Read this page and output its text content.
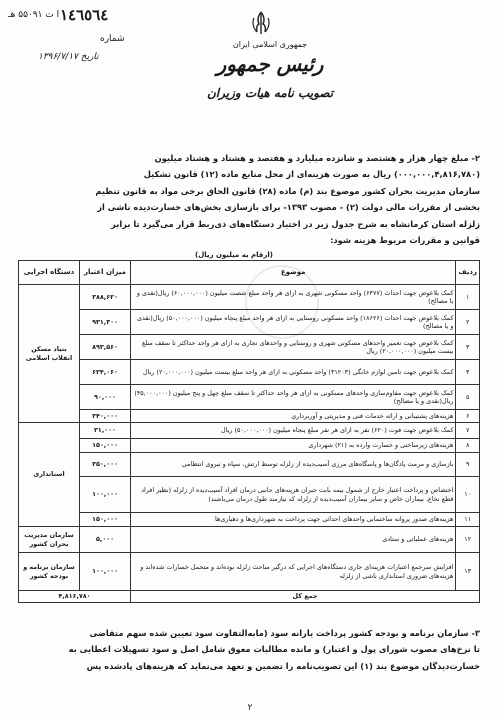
١٤٦٥٦٤
ا ت ۵۵۰۹۱ هـ
شماره
تاریخ ۱۳۹۶/۷/۱۷
جمهوری اسلامی ایران
رئیس جمهور
تصویب نامه هیات وزیران
۲- مبلغ چهار هزار و هشتصد و شانزده میلیارد و هفتصد و هشتاد و هشتاد میلیون
(۰۰۰,۰۰۰,۴,۸۱۶,۷۸۰) ریال به صورت هزینه‌ای از محل منابع ماده (۱۲) قانون تشکیل
سازمان مدیریت بحران کشور موضوع بند (م) ماده (۲۸) قانون الحاق برخی مواد به قانون تنظیم
بخشی از مقررات مالی دولت (۲) - مصوب ۱۳۹۳- برای بازسازی بخش‌های خسارت‌دیده ناشی از
زلزله استان کرمانشاه به شرح جدول زیر در اختیار دستگاه‌های ذی‌ربط قرار می‌گیرد تا برابر
قوانین و مقررات مربوط هزینه شود:
(ارقام به میلیون ریال)
ردیف	موضوع	میزان اعتبار	دستگاه اجرایی
۱	کمک بلاعوض جهت احداث (۶۴۷۷) واحد مسکونی شهری به ازای هر واحد مبلغ شصت میلیون (۶۰,۰۰۰,۰۰۰) ریال(نقدی و یا مصالح)	۳۸۸,۶۲۰	بنیاد مسکن انقلاب اسلامی
۲	کمک بلاعوض جهت احداث (۱۸۶۲۶) واحد مسکونی روستایی به ازای هر واحد مبلغ پنجاه میلیون (۵۰,۰۰۰,۰۰۰) ریال(نقدی و یا مصالح)	۹۳۱,۳۰۰	
۳	کمک بلاعوض جهت تعمیر واحدهای مسکونی شهری و روستایی و واحدهای تجاری به ازای هر واحد حداکثر تا سقف مبلغ بیست میلیون (۲۰,۰۰۰,۰۰۰) ریال	۸۹۳,۵۶۰	
۴	کمک بلاعوض جهت تامین لوازم خانگی (۳۱۲۰۳) واحد مسکونی به ازای هر واحد مبلغ بیست میلیون (۲۰,۰۰۰,۰۰۰) ریال	۶۲۴,۰۶۰	
۵	کمک بلاعوض جهت مقاوم‌سازی واحدهای مسکونی به ازای هر واحد حداکثر تا سقف مبلغ چهل و پنج میلیون (۴۵,۰۰۰,۰۰۰) ریال(نقدی و یا مصالح)	۹۰,۰۰۰	
۶	هزینه‌های پشتیبانی و ارائه خدمات فنی و مدیریتی و آوربرداری	۳۴۰,۰۰۰	
۷	کمک بلاعوض جهت فوت (۶۲۰) نفر به ازای هر نفر مبلغ پنجاه میلیون (۵۰,۰۰۰,۰۰۰) ریال	۳۱,۰۰۰	استانداری
۸	هزینه‌های زیرساختی و خسارت وارده به (۲۱) شهرداری	۱۵۰,۰۰۰	
۹	بازسازی و مرمت پادگان‌ها و پاسگاه‌های مرزی آسیب‌دیده از زلزله توسط ارتش، سپاه و نیروی انتظامی	۳۵۰,۰۰۰	
۱۰	اختصاص و پرداخت اعتبار خارج از شمول بیمه بابت جبران هزینه‌های جانبی درمان افراد آسیب‌دیده از زلزله (نظیر افراد قطع نخاع، بیماران خاص و سایر بیماران آسیب‌دیده از زلزله که نیازمند طول درمان می‌باشند)	۱۰۰,۰۰۰	
۱۱	هزینه‌های صدور پروانه ساختمانی واحدهای احداثی جهت پرداخت به شهرداری‌ها و دهیاری‌ها	۱۵۰,۰۰۰	
۱۲	هزینه‌های عملیاتی و ستادی	۵,۰۰۰	سازمان مدیریت بحران کشور
۱۳	افزایش سرجمع اعتبارات هزینه‌ای جاری دستگاه‌های اجرایی که درگیر مباحث زلزله بوده‌اند و متحمل خسارات شده‌اند و هزینه‌های ضروری استانداری ناشی از زلزله	۱۰۰,۰۰۰	سازمان برنامه و بودجه کشور
جمع کل		۴,۸۱۶,۷۸۰	
۳- سازمان برنامه و بودجه کشور پرداخت یارانه سود (مابه‌التفاوت سود تعیین شده سهم متقاضی
تا نرخ‌های مصوب شورای پول و اعتبار) و مانده مطالبات معوق شامل اصل و سود تسهیلات اعطایی به
خسارت‌دیدگان موضوع بند (۱) این تصویب‌نامه را تضمین و تعهد می‌نماید که هزینه‌های پادشده پس
۲
